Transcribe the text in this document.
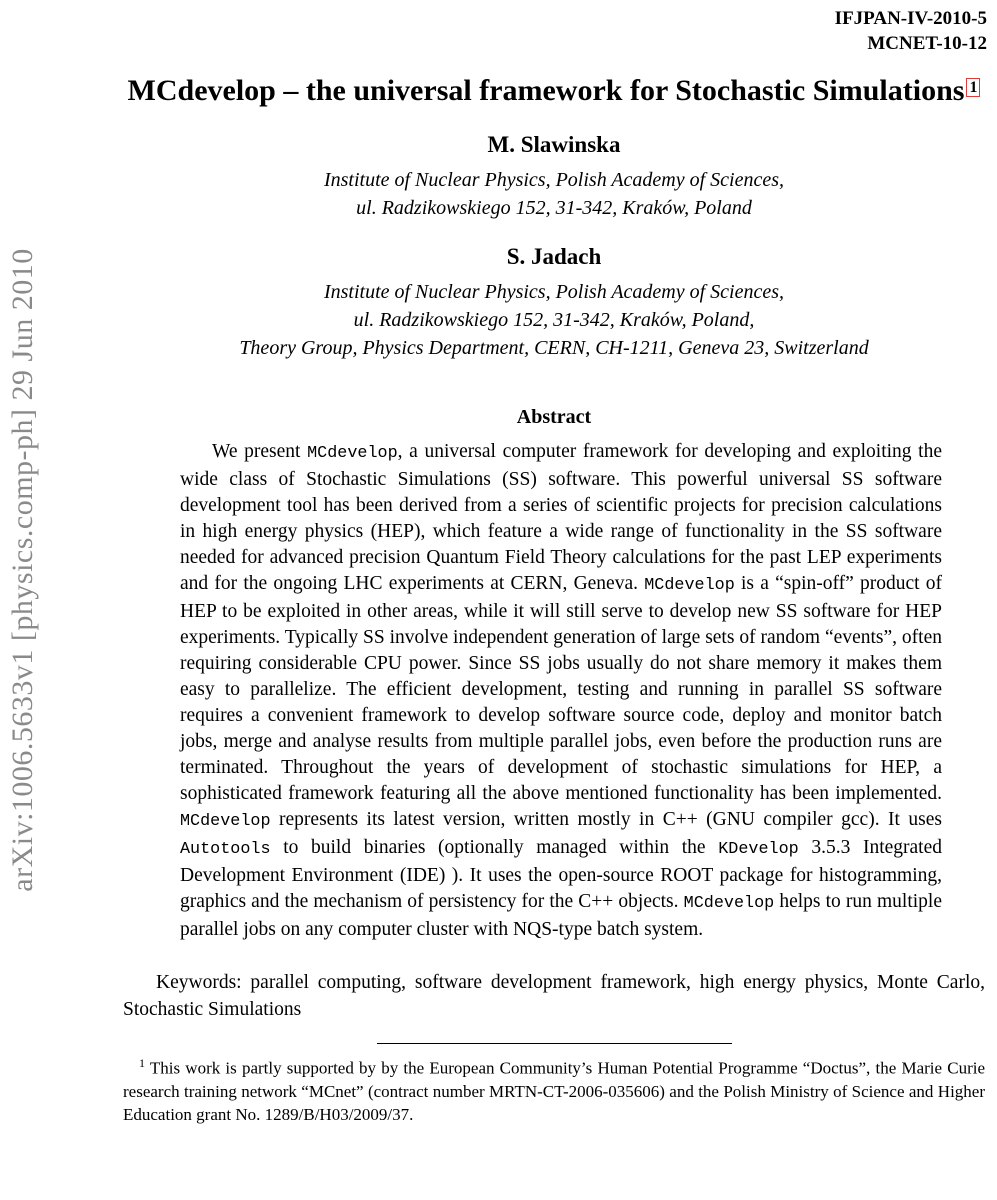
IFJPAN-IV-2010-5
MCNET-10-12
arXiv:1006.5633v1 [physics.comp-ph] 29 Jun 2010
MCdevelop – the universal framework for Stochastic Simulations $^1$
M. Slawinska
Institute of Nuclear Physics, Polish Academy of Sciences,
ul. Radzikowskiego 152, 31-342, Kraków, Poland
S. Jadach
Institute of Nuclear Physics, Polish Academy of Sciences,
ul. Radzikowskiego 152, 31-342, Kraków, Poland,
Theory Group, Physics Department, CERN, CH-1211, Geneva 23, Switzerland
Abstract

We present MCdevelop, a universal computer framework for developing and exploiting the wide class of Stochastic Simulations (SS) software. This powerful universal SS software development tool has been derived from a series of scientific projects for precision calculations in high energy physics (HEP), which feature a wide range of functionality in the SS software needed for advanced precision Quantum Field Theory calculations for the past LEP experiments and for the ongoing LHC experiments at CERN, Geneva. MCdevelop is a “spin-off” product of HEP to be exploited in other areas, while it will still serve to develop new SS software for HEP experiments. Typically SS involve independent generation of large sets of random “events”, often requiring considerable CPU power. Since SS jobs usually do not share memory it makes them easy to parallelize. The efficient development, testing and running in parallel SS software requires a convenient framework to develop software source code, deploy and monitor batch jobs, merge and analyse results from multiple parallel jobs, even before the production runs are terminated. Throughout the years of development of stochastic simulations for HEP, a sophisticated framework featuring all the above mentioned functionality has been implemented. MCdevelop represents its latest version, written mostly in C++ (GNU compiler gcc). It uses Autotools to build binaries (optionally managed within the KDevelop 3.5.3 Integrated Development Environment (IDE) ). It uses the open-source ROOT package for histogramming, graphics and the mechanism of persistency for the C++ objects. MCdevelop helps to run multiple parallel jobs on any computer cluster with NQS-type batch system.

Keywords: parallel computing, software development framework, high energy physics, Monte Carlo, Stochastic Simulations

$^1$ This work is partly supported by by the European Community’s Human Potential Programme “Doctus”, the Marie Curie research training network “MCnet” (contract number MRTN-CT-2006-035606) and the Polish Ministry of Science and Higher Education grant No. 1289/B/H03/2009/37.
